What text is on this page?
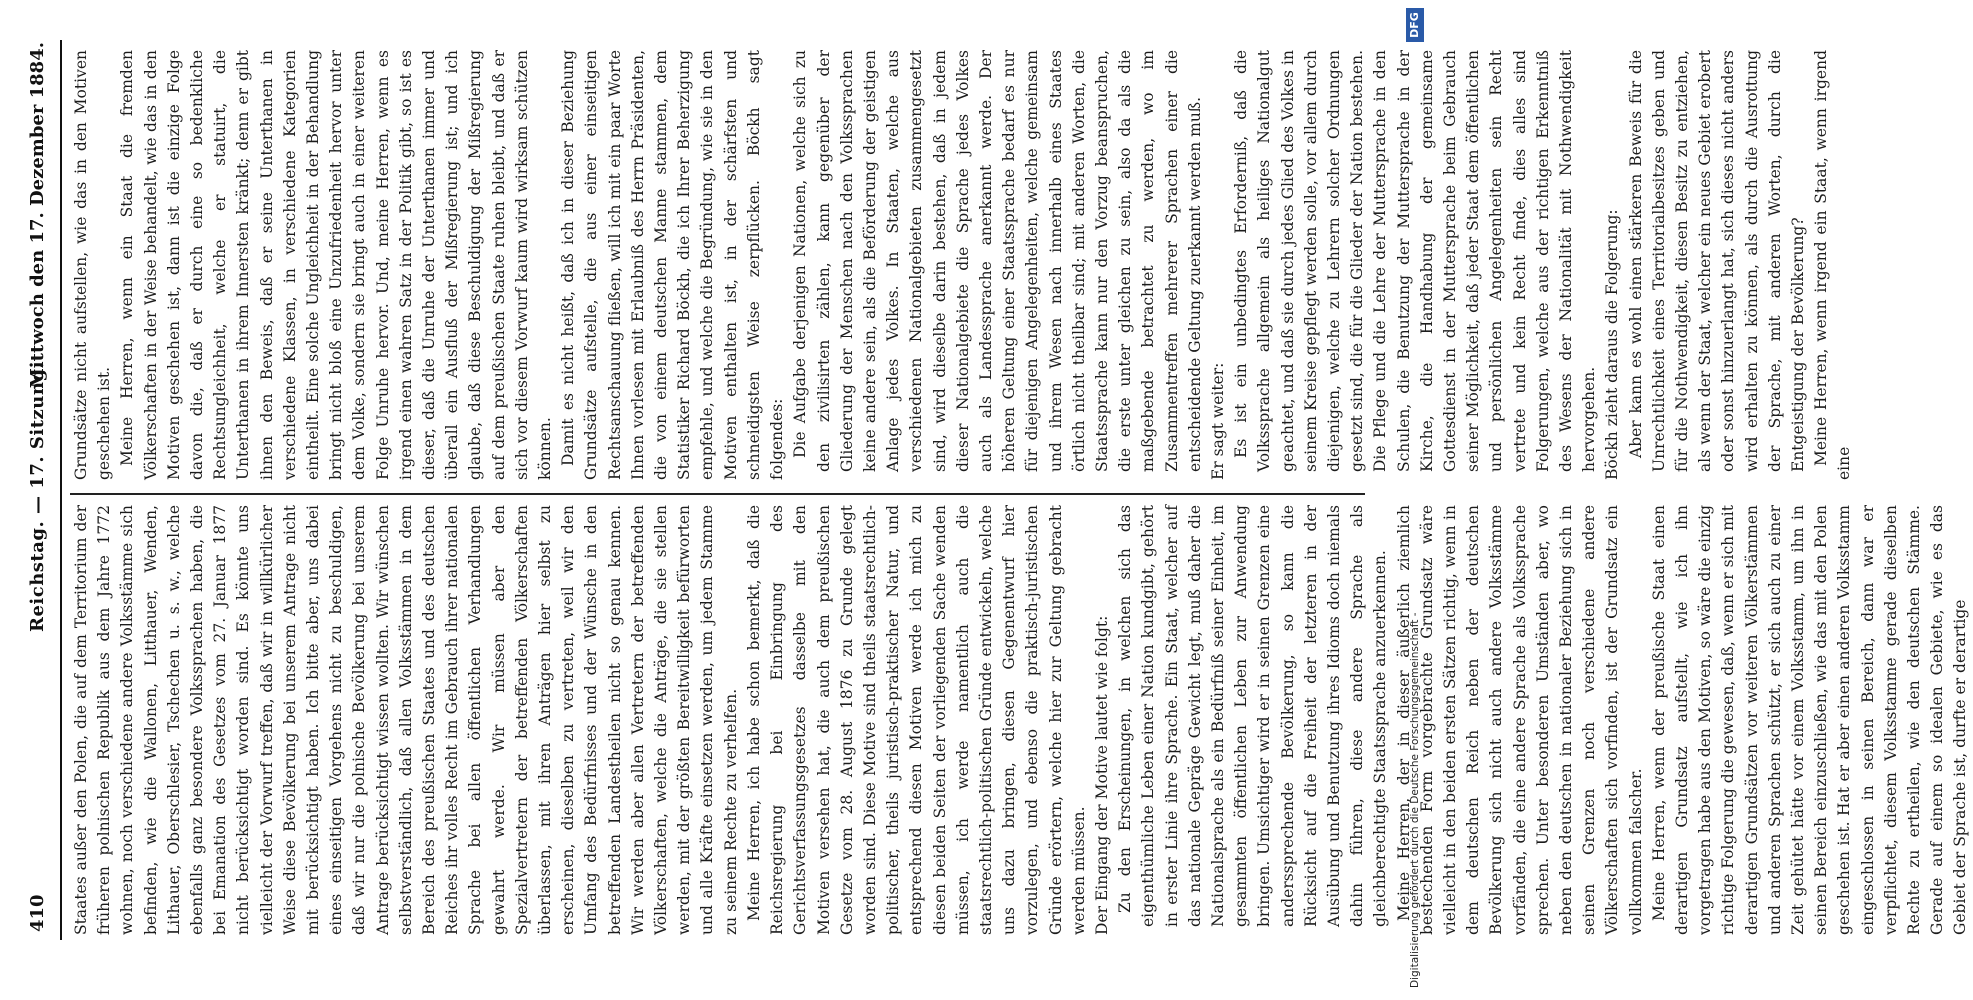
410
Reichstag. — 17. Sitzung.
Mittwoch den 17. Dezember 1884.

Staates außer den Polen, die auf dem Territorium der früheren polnischen Republik aus dem Jahre 1772 wohnen, noch verschiedene andere Volksstämme sich befinden, wie die Wallonen, Litthauer, Wenden, Lithauer, Oberschlesier, Tschechen u. s. w., welche ebenfalls ganz besondere Volkssprachen haben, die bei Emanation des Gesetzes vom 27. Januar 1877 nicht berücksichtigt worden sind. Es könnte uns vielleicht der Vorwurf treffen, daß wir in willkürlicher Weise diese Bevölkerung bei unserem Antrage nicht mit berücksichtigt haben. Ich bitte aber, uns dabei eines einseitigen Vorgehens nicht zu beschuldigen, daß wir nur die polnische Bevölkerung bei unserem Antrage berücksichtigt wissen wollten. Wir wünschen selbstverständlich, daß allen Volksstämmen in dem Bereich des preußischen Staates und des deutschen Reiches ihr volles Recht im Gebrauch ihrer nationalen Sprache bei allen öffentlichen Verhandlungen gewahrt werde. Wir müssen aber den Spezialvertretern der betreffenden Völkerschaften überlassen, mit ihren Anträgen hier selbst zu erscheinen, dieselben zu vertreten, weil wir den Umfang des Bedürfnisses und der Wünsche in den betreffenden Landestheilen nicht so genau kennen. Wir werden aber allen Vertretern der betreffenden Völkerschaften, welche die Anträge, die sie stellen werden, mit der größten Bereitwilligkeit befürworten und alle Kräfte einsetzen werden, um jedem Stamme zu seinem Rechte zu verhelfen. Meine Herren, ich habe schon bemerkt, daß die Reichsregierung bei Einbringung des Gerichtsverfassungsgesetzes dasselbe mit den Motiven versehen hat, die auch dem preußischen Gesetze vom 28. August 1876 zu Grunde gelegt worden sind. Diese Motive sind theils staatsrechtlich-politischer, theils juristisch-praktischer Natur, und entsprechend diesen Motiven werde ich mich zu diesen beiden Seiten der vorliegenden Sache wenden müssen, ich werde namentlich auch die staatsrechtlich-politischen Gründe entwickeln, welche uns dazu bringen, diesen Gegenentwurf hier vorzulegen, und ebenso die praktisch-juristischen Gründe erörtern, welche hier zur Geltung gebracht werden müssen. Der Eingang der Motive lautet wie folgt: Zu den Erscheinungen, in welchen sich das eigenthümliche Leben einer Nation kundgibt, gehört in erster Linie ihre Sprache. Ein Staat, welcher auf das nationale Gepräge Gewicht legt, muß daher die Nationalsprache als ein Bedürfniß seiner Einheit, im gesammten öffentlichen Leben zur Anwendung bringen. Umsichtiger wird er in seinen Grenzen eine anderssprechende Bevölkerung, so kann die Rücksicht auf die Freiheit der letzteren in der Ausübung und Benutzung ihres Idioms doch niemals dahin führen, diese andere Sprache als gleichberechtigte Staatssprache anzuerkennen. Meine Herren, der in dieser äußerlich ziemlich bestechenden Form vorgebrachte Grundsatz wäre vielleicht in den beiden ersten Sätzen richtig, wenn in dem deutschen Reich neben der deutschen Bevölkerung sich nicht auch andere Volksstämme vorfänden, die eine andere Sprache als Volkssprache sprechen. Unter besonderen Umständen aber, wo neben den deutschen in nationaler Beziehung sich in seinen Grenzen noch verschiedene andere Völkerschaften sich vorfinden, ist der Grundsatz ein vollkommen falscher. Meine Herren, wenn der preußische Staat einen derartigen Grundsatz aufstellt, wie ich ihn vorgetragen habe aus den Motiven, so wäre die einzig richtige Folgerung die gewesen, daß, wenn er sich mit derartigen Grundsätzen vor weiteren Völkerstämmen und anderen Sprachen schützt, er sich auch zu einer Zeit gehütet hätte vor einem Volksstamm, um ihn in seinen Bereich einzuschließen, wie das mit den Polen geschehen ist. Hat er aber einen anderen Volksstamm eingeschlossen in seinen Bereich, dann war er verpflichtet, diesem Volksstamme gerade dieselben Rechte zu ertheilen, wie den deutschen Stämme. Gerade auf einem so idealen Gebiete, wie es das Gebiet der Sprache ist, durfte er derartige

Grundsätze nicht aufstellen, wie das in den Motiven geschehen ist. Meine Herren, wenn ein Staat die fremden Völkerschaften in der Weise behandelt, wie das in den Motiven geschehen ist, dann ist die einzige Folge davon die, daß er durch eine so bedenkliche Rechtsungleichheit, welche er statuirt, die Unterthanen in ihrem Innersten kränkt; denn er gibt ihnen den Beweis, daß er seine Unterthanen in verschiedene Klassen, in verschiedene Kategorien eintheilt. Eine solche Ungleichheit in der Behandlung bringt nicht bloß eine Unzufriedenheit hervor unter dem Volke, sondern sie bringt auch in einer weiteren Folge Unruhe hervor. Und, meine Herren, wenn es irgend einen wahren Satz in der Politik gibt, so ist es dieser, daß die Unruhe der Unterthanen immer und überall ein Ausfluß der Mißregierung ist; und ich glaube, daß diese Beschuldigung der Mißregierung auf dem preußischen Staate ruhen bleibt, und daß er sich vor diesem Vorwurf kaum wird wirksam schützen können. Damit es nicht heißt, daß ich in dieser Beziehung Grundsätze aufstelle, die aus einer einseitigen Rechtsanschauung fließen, will ich mit ein paar Worte Ihnen vorlesen mit Erlaubniß des Herrn Präsidenten, die von einem deutschen Manne stammen, dem Statistiker Richard Böckh, die ich Ihrer Beherzigung empfehle, und welche die Begründung, wie sie in den Motiven enthalten ist, in der schärfsten und schneidigsten Weise zerpflücken. Böckh sagt folgendes: Die Aufgabe derjenigen Nationen, welche sich zu den zivilisirten zählen, kann gegenüber der Gliederung der Menschen nach den Volkssprachen keine andere sein, als die Beförderung der geistigen Anlage jedes Volkes. In Staaten, welche aus verschiedenen Nationalgebieten zusammengesetzt sind, wird dieselbe darin bestehen, daß in jedem dieser Nationalgebiete die Sprache jedes Volkes auch als Landessprache anerkannt werde. Der höheren Geltung einer Staatssprache bedarf es nur für diejenigen Angelegenheiten, welche gemeinsam und ihrem Wesen nach innerhalb eines Staates örtlich nicht theilbar sind; mit anderen Worten, die Staatssprache kann nur den Vorzug beanspruchen, die erste unter gleichen zu sein, also da als die maßgebende betrachtet zu werden, wo im Zusammentreffen mehrerer Sprachen einer die entscheidende Geltung zuerkannt werden muß. Er sagt weiter: Es ist ein unbedingtes Erforderniß, daß die Volkssprache allgemein als heiliges Nationalgut geachtet, und daß sie durch jedes Glied des Volkes in seinem Kreise gepflegt werden solle, vor allem durch diejenigen, welche zu Lehrern solcher Ordnungen gesetzt sind, die für die Glieder der Nation bestehen. Die Pflege und die Lehre der Muttersprache in den Schulen, die Benutzung der Muttersprache in der Kirche, die Handhabung der gemeinsame Gottesdienst in der Muttersprache beim Gebrauch seiner Möglichkeit, daß jeder Staat dem öffentlichen und persönlichen Angelegenheiten sein Recht vertrete und kein Recht finde, dies alles sind Folgerungen, welche aus der richtigen Erkenntniß des Wesens der Nationalität mit Nothwendigkeit hervorgehen. Böckh zieht daraus die Folgerung: Aber kann es wohl einen stärkeren Beweis für die Unrechtlichkeit eines Territorialbesitzes geben und für die Nothwendigkeit, diesen Besitz zu entziehen, als wenn der Staat, welcher ein neues Gebiet erobert oder sonst hinzuerlangt hat, sich dieses nicht anders wird erhalten zu können, als durch die Ausrottung der Sprache, mit anderen Worten, durch die Entgeistigung der Bevölkerung? Meine Herren, wenn irgend ein Staat, wenn irgend eine

Digitalisierung gefördert durch die Deutsche Forschungsgemeinschaft -
DFG
